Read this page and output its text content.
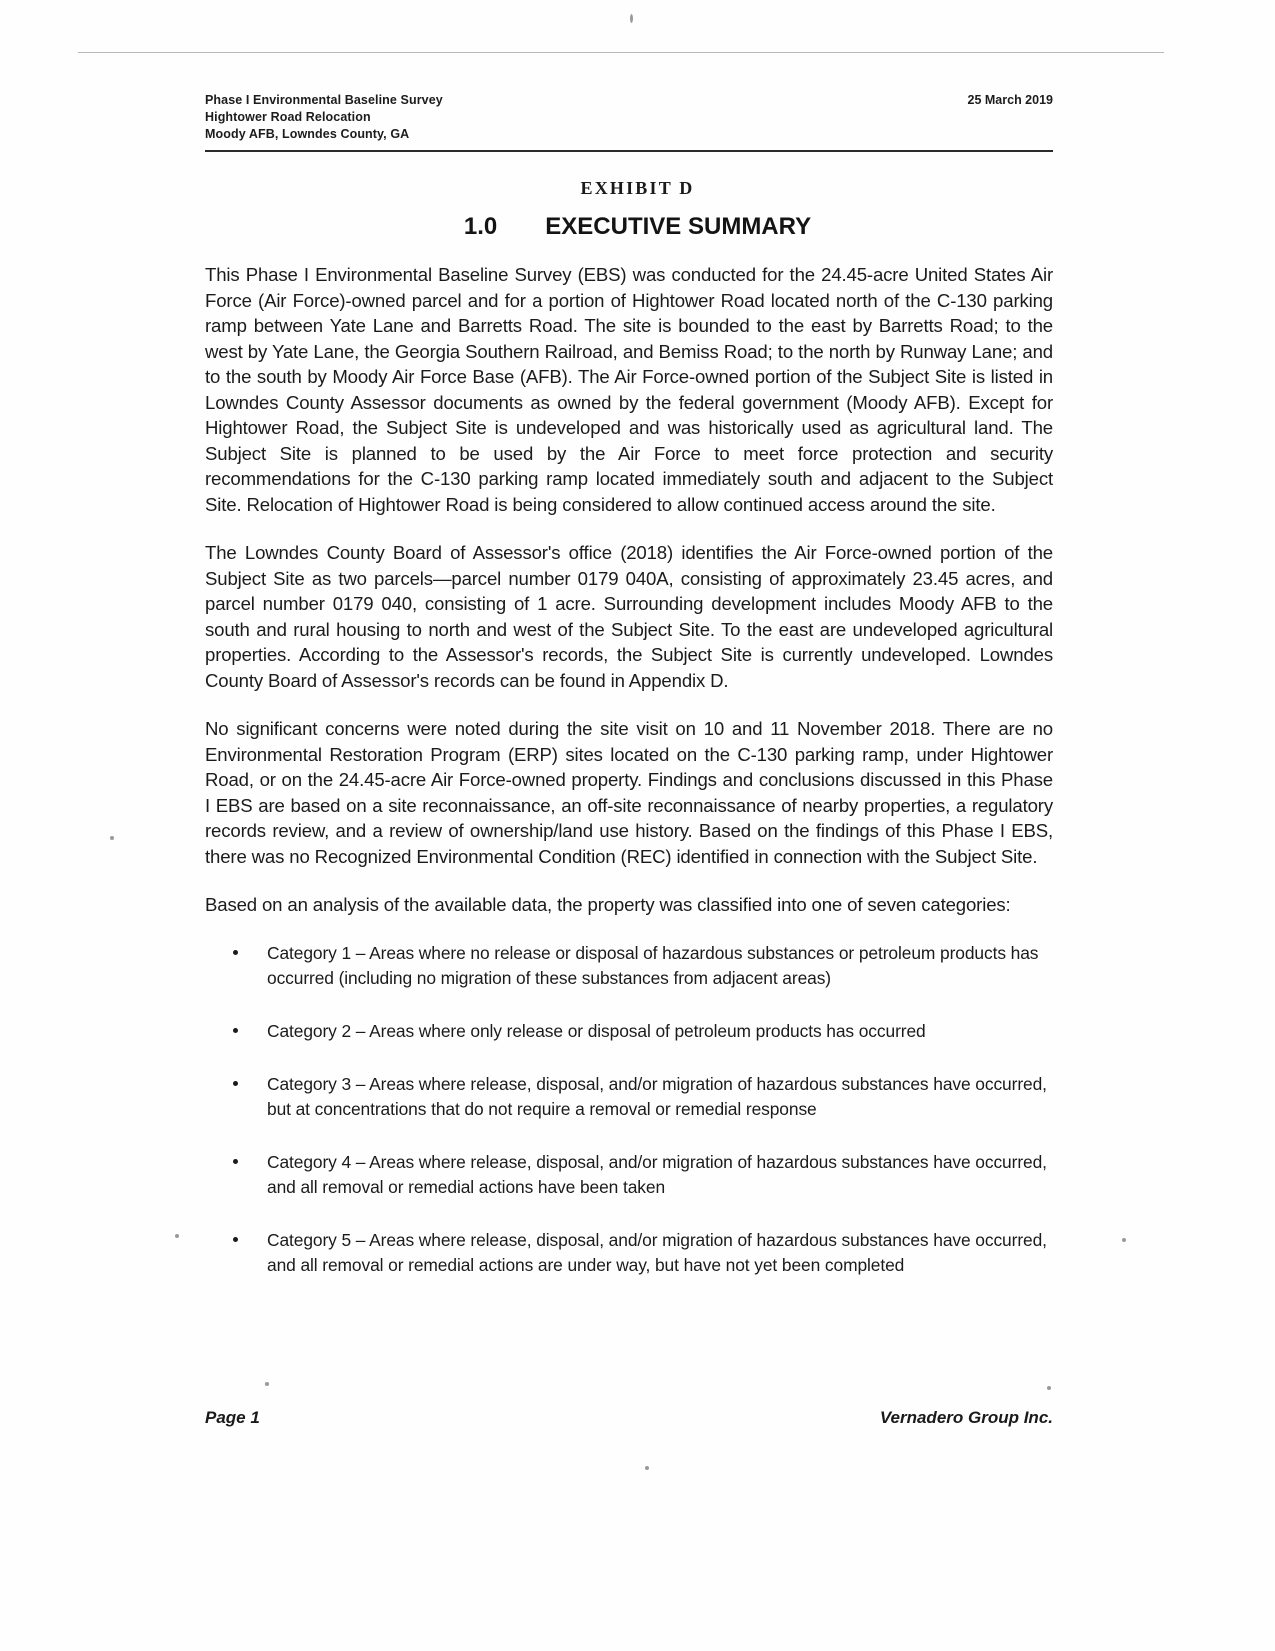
Phase I Environmental Baseline Survey
Hightower Road Relocation
Moody AFB, Lowndes County, GA
25 March 2019
EXHIBIT D
1.0 EXECUTIVE SUMMARY

This Phase I Environmental Baseline Survey (EBS) was conducted for the 24.45-acre United States Air Force (Air Force)-owned parcel and for a portion of Hightower Road located north of the C-130 parking ramp between Yate Lane and Barretts Road. The site is bounded to the east by Barretts Road; to the west by Yate Lane, the Georgia Southern Railroad, and Bemiss Road; to the north by Runway Lane; and to the south by Moody Air Force Base (AFB). The Air Force-owned portion of the Subject Site is listed in Lowndes County Assessor documents as owned by the federal government (Moody AFB). Except for Hightower Road, the Subject Site is undeveloped and was historically used as agricultural land. The Subject Site is planned to be used by the Air Force to meet force protection and security recommendations for the C-130 parking ramp located immediately south and adjacent to the Subject Site. Relocation of Hightower Road is being considered to allow continued access around the site.

The Lowndes County Board of Assessor's office (2018) identifies the Air Force-owned portion of the Subject Site as two parcels—parcel number 0179 040A, consisting of approximately 23.45 acres, and parcel number 0179 040, consisting of 1 acre. Surrounding development includes Moody AFB to the south and rural housing to north and west of the Subject Site. To the east are undeveloped agricultural properties. According to the Assessor's records, the Subject Site is currently undeveloped. Lowndes County Board of Assessor's records can be found in Appendix D.

No significant concerns were noted during the site visit on 10 and 11 November 2018. There are no Environmental Restoration Program (ERP) sites located on the C-130 parking ramp, under Hightower Road, or on the 24.45-acre Air Force-owned property. Findings and conclusions discussed in this Phase I EBS are based on a site reconnaissance, an off-site reconnaissance of nearby properties, a regulatory records review, and a review of ownership/land use history. Based on the findings of this Phase I EBS, there was no Recognized Environmental Condition (REC) identified in connection with the Subject Site.

Based on an analysis of the available data, the property was classified into one of seven categories:

Category 1 – Areas where no release or disposal of hazardous substances or petroleum products has occurred (including no migration of these substances from adjacent areas)
Category 2 – Areas where only release or disposal of petroleum products has occurred
Category 3 – Areas where release, disposal, and/or migration of hazardous substances have occurred, but at concentrations that do not require a removal or remedial response
Category 4 – Areas where release, disposal, and/or migration of hazardous substances have occurred, and all removal or remedial actions have been taken
Category 5 – Areas where release, disposal, and/or migration of hazardous substances have occurred, and all removal or remedial actions are under way, but have not yet been completed
Page 1	Vernadero Group Inc.
